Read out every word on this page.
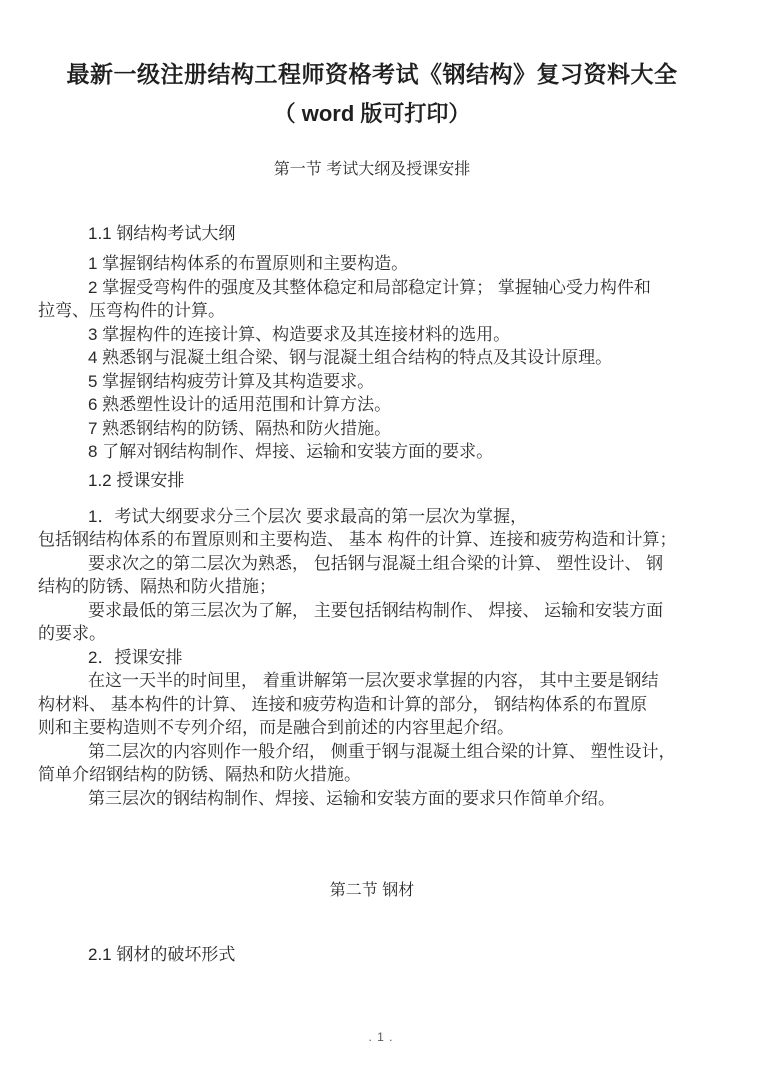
最新一级注册结构工程师资格考试《钢结构》复习资料大全
（ word 版可打印）
第一节 考试大纲及授课安排
1.1 钢结构考试大纲
1 掌握钢结构体系的布置原则和主要构造。
2 掌握受弯构件的强度及其整体稳定和局部稳定计算； 掌握轴心受力构件和
拉弯、压弯构件的计算。
3 掌握构件的连接计算、构造要求及其连接材料的选用。
4 熟悉钢与混凝土组合梁、钢与混凝土组合结构的特点及其设计原理。
5 掌握钢结构疲劳计算及其构造要求。
6 熟悉塑性设计的适用范围和计算方法。
7 熟悉钢结构的防锈、隔热和防火措施。
8 了解对钢结构制作、焊接、运输和安装方面的要求。
1.2 授课安排
1．考试大纲要求分三个层次 要求最高的第一层次为掌握，
包括钢结构体系的布置原则和主要构造、 基本 构件的计算、连接和疲劳构造和计算；
要求次之的第二层次为熟悉， 包括钢与混凝土组合梁的计算、 塑性设计、 钢
结构的防锈、隔热和防火措施；
要求最低的第三层次为了解， 主要包括钢结构制作、 焊接、 运输和安装方面
的要求。
2．授课安排
在这一天半的时间里， 着重讲解第一层次要求掌握的内容， 其中主要是钢结
构材料、 基本构件的计算、 连接和疲劳构造和计算的部分， 钢结构体系的布置原
则和主要构造则不专列介绍，而是融合到前述的内容里起介绍。
第二层次的内容则作一般介绍， 侧重于钢与混凝土组合梁的计算、 塑性设计，
简单介绍钢结构的防锈、隔热和防火措施。
第三层次的钢结构制作、焊接、运输和安装方面的要求只作简单介绍。
第二节 钢材
2.1 钢材的破坏形式
. 1 .
